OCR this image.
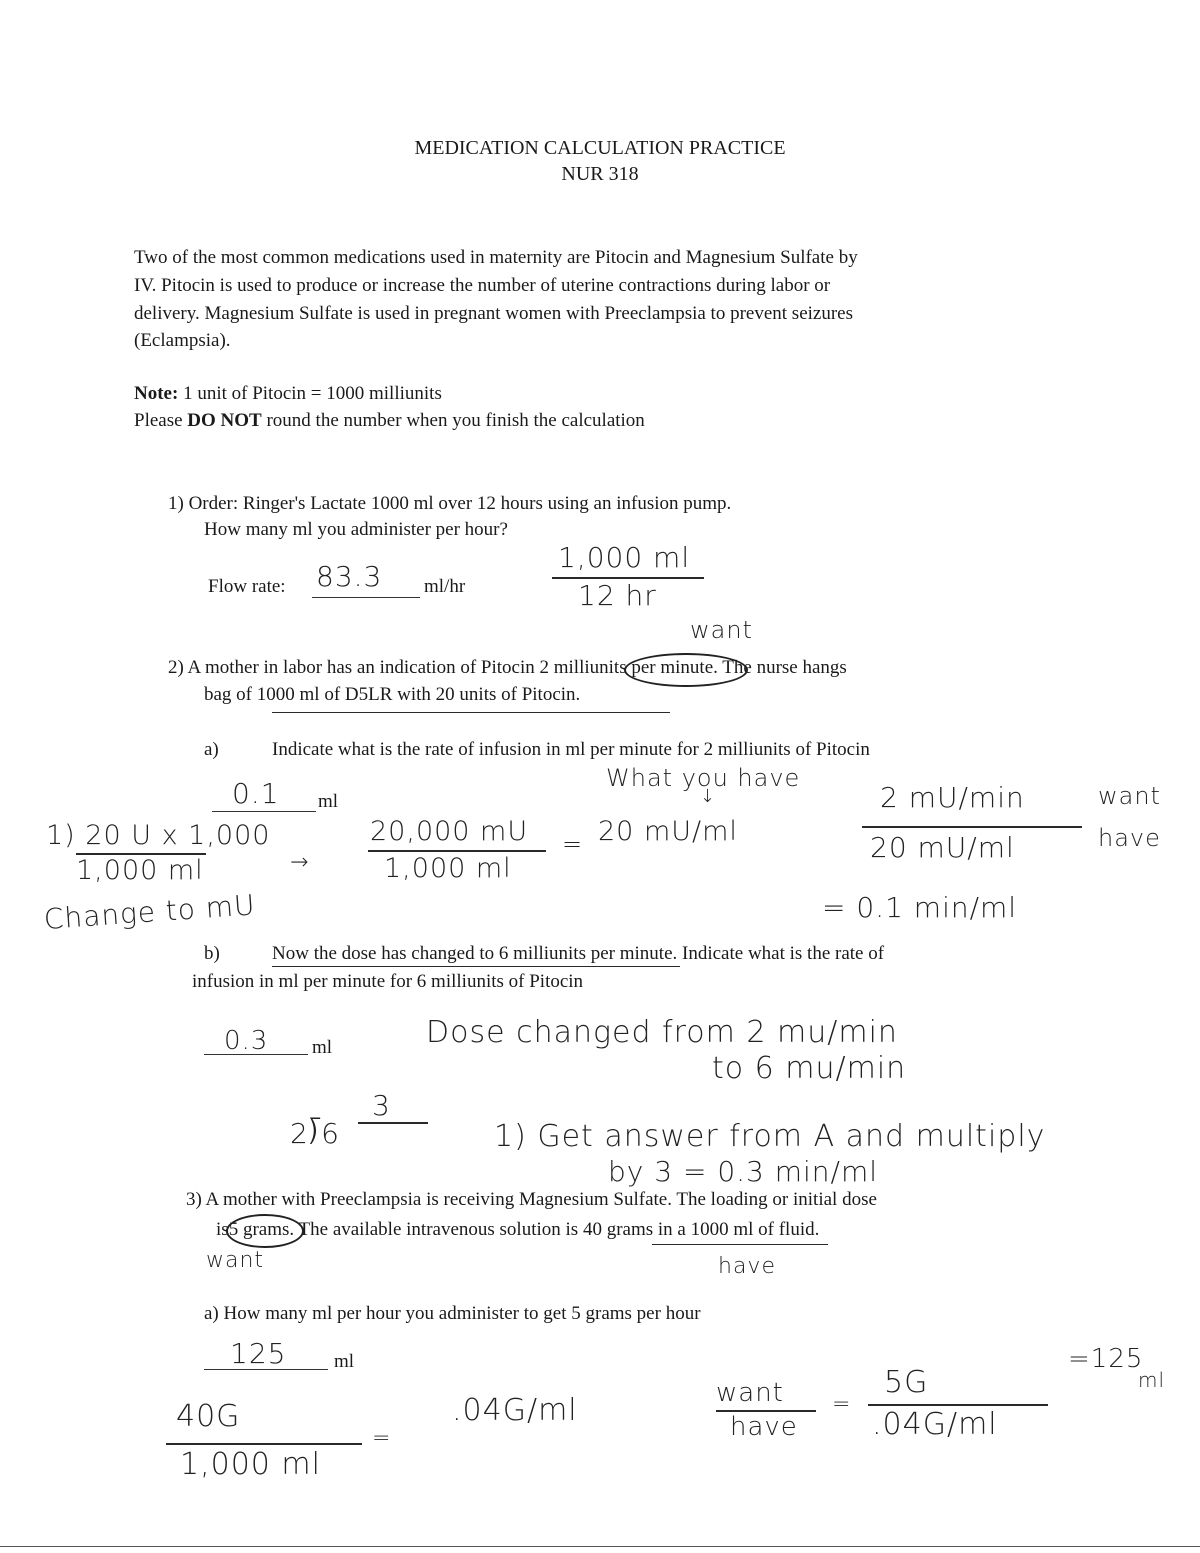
MEDICATION CALCULATION PRACTICE
NUR 318
Two of the most common medications used in maternity are Pitocin and Magnesium Sulfate by
IV. Pitocin is used to produce or increase the number of uterine contractions during labor or
delivery. Magnesium Sulfate is used in pregnant women with Preeclampsia to prevent seizures
(Eclampsia).
Note: 1 unit of Pitocin = 1000 milliunits
Please DO NOT round the number when you finish the calculation
1) Order: Ringer's Lactate 1000 ml over 12 hours using an infusion pump.
How many ml you administer per hour?
Flow rate: 83.3 ml/hr
1,000 ml
12 hr
want
2) A mother in labor has an indication of Pitocin 2 milliunits per minute. The nurse hangs
bag of 1000 ml of D5LR with 20 units of Pitocin.
a)	Indicate what is the rate of infusion in ml per minute for 2 milliunits of Pitocin
What you have
↓
0.1 ml
1) 20 U x 1,000
1,000 ml	→
20,000 mU
1,000 ml
= 20 mU/ml
2 mU/min	want
20 mU/ml	have
= 0.1 min/ml
Change to mU
b)	Now the dose has changed to 6 milliunits per minute. Indicate what is the rate of
infusion in ml per minute for 6 milliunits of Pitocin
0.3 ml	Dose changed from 2 mu/min
to 6 mu/min
3
2⟌6	1) Get answer from A and multiply
by 3 = 0.3 min/ml
3) A mother with Preeclampsia is receiving Magnesium Sulfate. The loading or initial dose
is5 grams. The available intravenous solution is 40 grams in a 1000 ml of fluid.
want	have
a) How many ml per hour you administer to get 5 grams per hour
125	ml
40G
1,000 ml
=
.04G/ml	want
have
=
5G
.04G/ml
=125
ml
